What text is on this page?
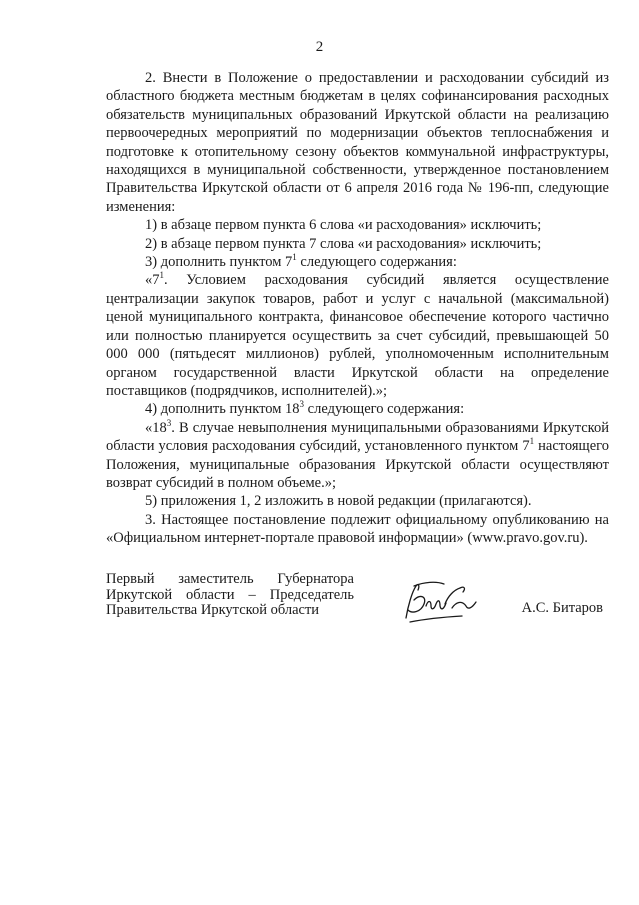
2

2. Внести в Положение о предоставлении и расходовании субсидий из областного бюджета местным бюджетам в целях софинансирования расходных обязательств муниципальных образований Иркутской области на реализацию первоочередных мероприятий по модернизации объектов теплоснабжения и подготовке к отопительному сезону объектов коммунальной инфраструктуры, находящихся в муниципальной собственности, утвержденное постановлением Правительства Иркутской области от 6 апреля 2016 года № 196-пп, следующие изменения:

1) в абзаце первом пункта 6 слова «и расходования» исключить;

2) в абзаце первом пункта 7 слова «и расходования» исключить;

3) дополнить пунктом $7^1$ следующего содержания:

«$7^1$. Условием расходования субсидий является осуществление централизации закупок товаров, работ и услуг с начальной (максимальной) ценой муниципального контракта, финансовое обеспечение которого частично или полностью планируется осуществить за счет субсидий, превышающей 50 000 000 (пятьдесят миллионов) рублей, уполномоченным исполнительным органом государственной власти Иркутской области на определение поставщиков (подрядчиков, исполнителей).»;

4) дополнить пунктом $18^3$ следующего содержания:

«$18^3$. В случае невыполнения муниципальными образованиями Иркутской области условия расходования субсидий, установленного пунктом $7^1$ настоящего Положения, муниципальные образования Иркутской области осуществляют возврат субсидий в полном объеме.»;

5) приложения 1, 2 изложить в новой редакции (прилагаются).

3. Настоящее постановление подлежит официальному опубликованию на «Официальном интернет-портале правовой информации» (www.pravo.gov.ru).

Первый заместитель Губернатора
Иркутской области – Председатель
Правительства Иркутской области	А.С. Битаров
